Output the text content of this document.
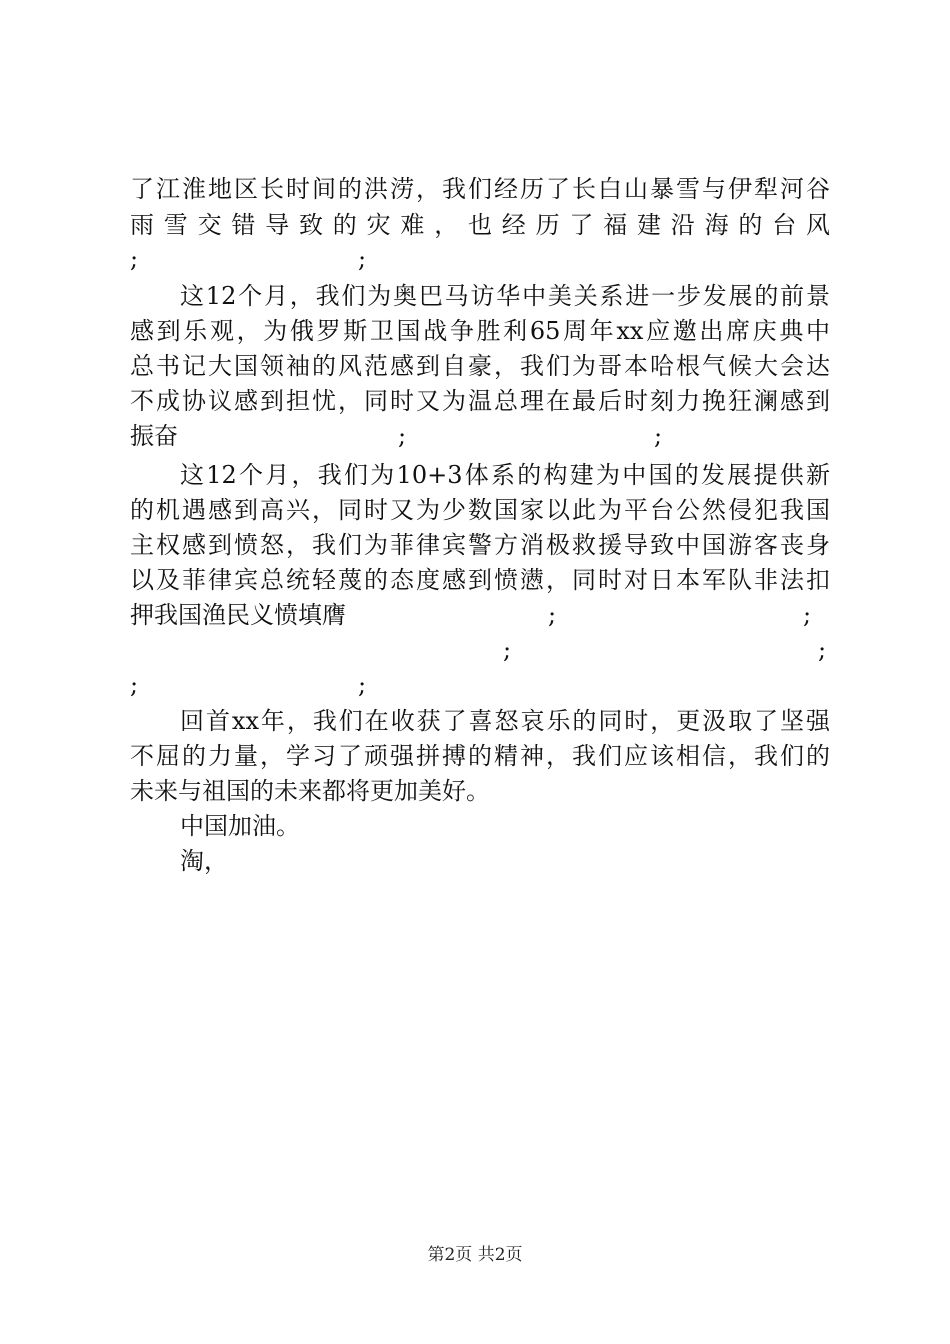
了江淮地区长时间的洪涝，我们经历了长白山暴雪与伊犁河谷
雨雪交错导致的灾难，也经历了福建沿海的台风
;	;
这12个月，我们为奥巴马访华中美关系进一步发展的前景
感到乐观，为俄罗斯卫国战争胜利65周年xx应邀出席庆典中
总书记大国领袖的风范感到自豪，我们为哥本哈根气候大会达
不成协议感到担忧，同时又为温总理在最后时刻力挽狂澜感到
振奋	;	;
这12个月，我们为10+3体系的构建为中国的发展提供新
的机遇感到高兴，同时又为少数国家以此为平台公然侵犯我国
主权感到愤怒，我们为菲律宾警方消极救援导致中国游客丧身
以及菲律宾总统轻蔑的态度感到愤懑，同时对日本军队非法扣
押我国渔民义愤填膺	;	;
;	;
;	;
回首xx年，我们在收获了喜怒哀乐的同时，更汲取了坚强
不屈的力量，学习了顽强拼搏的精神，我们应该相信，我们的
未来与祖国的未来都将更加美好。
中国加油。
淘，
第2页 共2页
